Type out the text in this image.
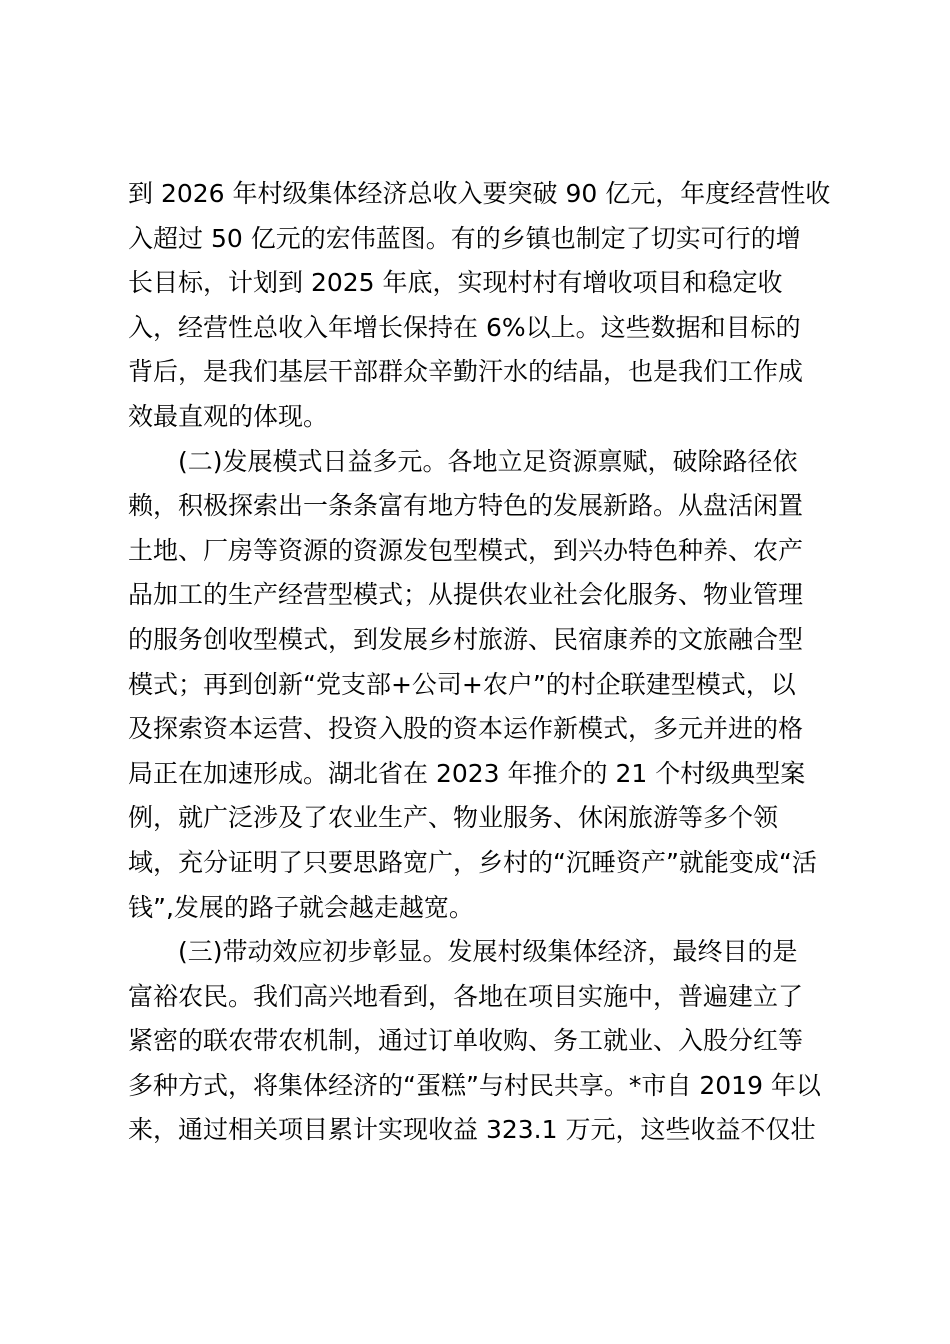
到 2026 年村级集体经济总收入要突破 90 亿元，年度经营性收
入超过 50 亿元的宏伟蓝图。有的乡镇也制定了切实可行的增
长目标，计划到 2025 年底，实现村村有增收项目和稳定收
入，经营性总收入年增长保持在 6%以上。这些数据和目标的
背后，是我们基层干部群众辛勤汗水的结晶，也是我们工作成
效最直观的体现。
(二)发展模式日益多元。各地立足资源禀赋，破除路径依
赖，积极探索出一条条富有地方特色的发展新路。从盘活闲置
土地、厂房等资源的资源发包型模式，到兴办特色种养、农产
品加工的生产经营型模式；从提供农业社会化服务、物业管理
的服务创收型模式，到发展乡村旅游、民宿康养的文旅融合型
模式；再到创新“党支部+公司+农户”的村企联建型模式，以
及探索资本运营、投资入股的资本运作新模式，多元并进的格
局正在加速形成。湖北省在 2023 年推介的 21 个村级典型案
例，就广泛涉及了农业生产、物业服务、休闲旅游等多个领
域，充分证明了只要思路宽广，乡村的“沉睡资产”就能变成“活
钱”,发展的路子就会越走越宽。
(三)带动效应初步彰显。发展村级集体经济，最终目的是
富裕农民。我们高兴地看到，各地在项目实施中，普遍建立了
紧密的联农带农机制，通过订单收购、务工就业、入股分红等
多种方式，将集体经济的“蛋糕”与村民共享。*市自 2019 年以
来，通过相关项目累计实现收益 323.1 万元，这些收益不仅壮
